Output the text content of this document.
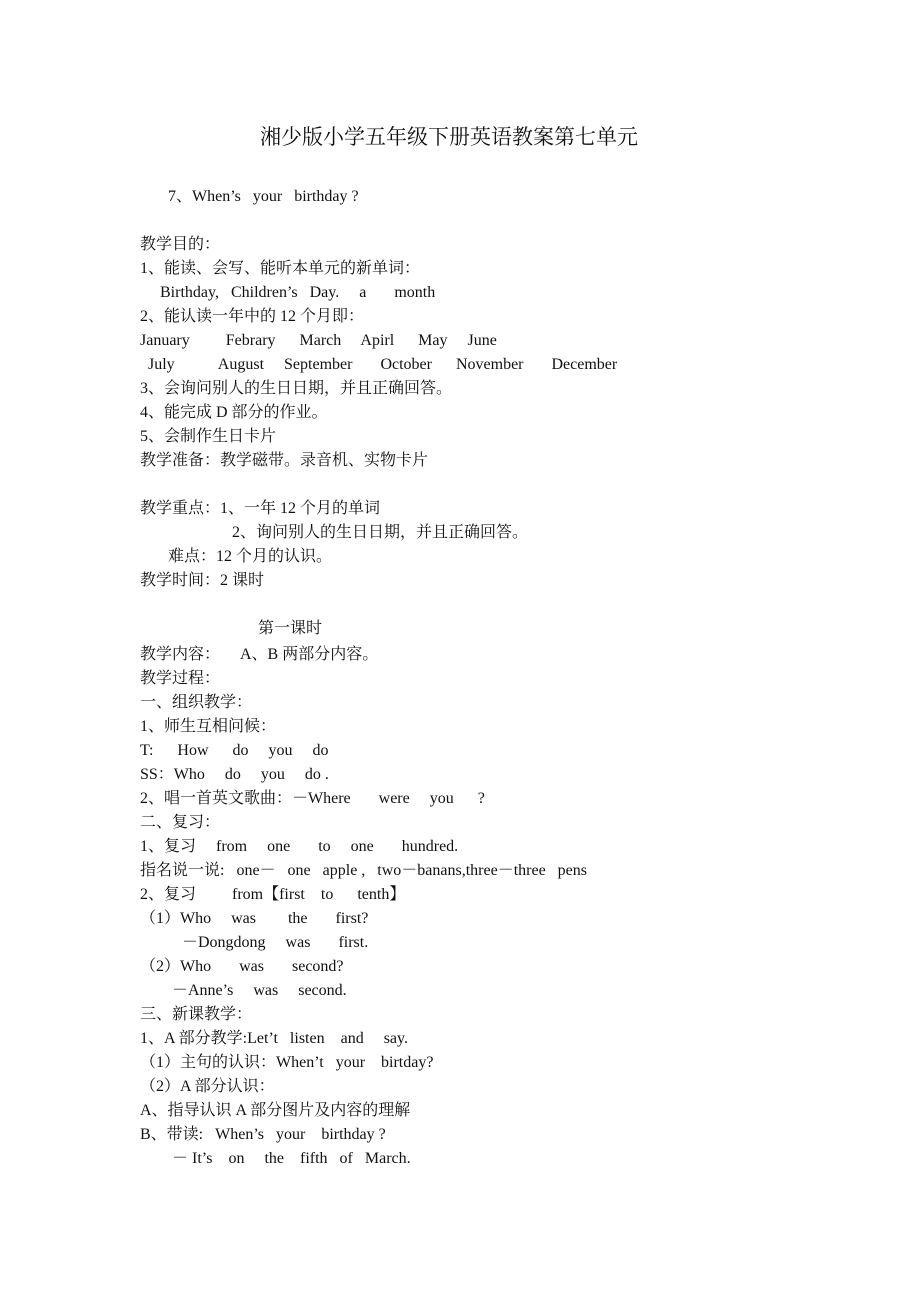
湘少版小学五年级下册英语教案第七单元
7、When’s   your   birthday ?
教学目的：
1、能读、会写、能听本单元的新单词：
Birthday,   Children’s   Day.     a       month
2、能认读一年中的 12 个月即：
January         Febrary      March     Apirl      May     June
July           August     September       October      November       December
3、会询问别人的生日日期，并且正确回答。
4、能完成 D 部分的作业。
5、会制作生日卡片
教学准备：教学磁带。录音机、实物卡片
教学重点：1、一年 12 个月的单词
2、询问别人的生日日期，并且正确回答。
难点：12 个月的认识。
教学时间：2 课时
第一课时
教学内容：     A、B 两部分内容。
教学过程：
一、组织教学：
1、师生互相问候：
T:      How      do     you     do
SS：Who     do     you     do .
2、唱一首英文歌曲：－Where       were     you      ?
二、复习：
1、复习     from     one       to     one       hundred.
指名说一说:   one－   one   apple ,   two－banans,three－three   pens
2、复习         from【first    to      tenth】
（1）Who     was        the       first?
－Dongdong     was       first.
（2）Who       was       second?
－Anne’s     was     second.
三、新课教学：
1、A 部分教学:Let’t   listen    and     say.
（1）主句的认识：When’t   your    birtday?
（2）A 部分认识：
A、指导认识 A 部分图片及内容的理解
B、带读:   When’s   your    birthday ?
－ It’s    on     the    fifth   of   March.
